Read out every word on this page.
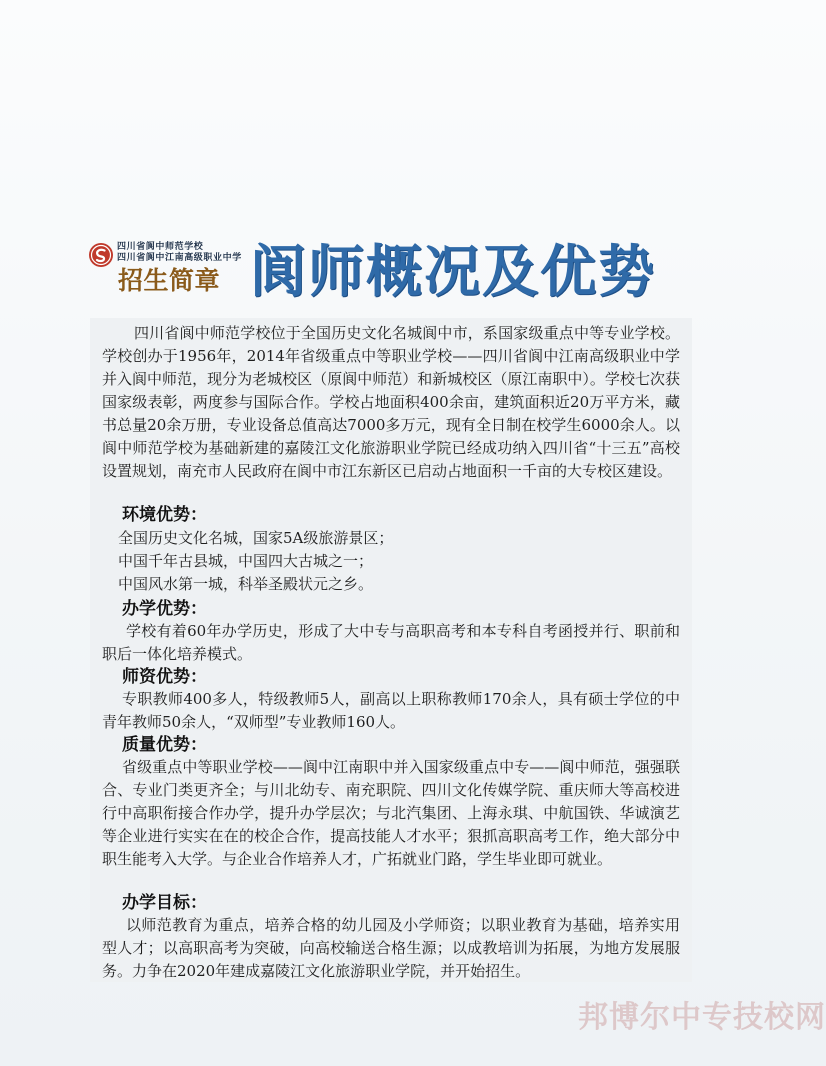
四川省阆中师范学校
四川省阆中江南高级职业中学
招生简章 阆师概况及优势

四川省阆中师范学校位于全国历史文化名城阆中市，系国家级重点中等专业学校。学校创办于1956年，2014年省级重点中等职业学校——四川省阆中江南高级职业中学并入阆中师范，现分为老城校区（原阆中师范）和新城校区（原江南职中）。学校七次获国家级表彰，两度参与国际合作。学校占地面积400余亩，建筑面积近20万平方米，藏书总量20余万册，专业设备总值高达7000多万元，现有全日制在校学生6000余人。以阆中师范学校为基础新建的嘉陵江文化旅游职业学院已经成功纳入四川省“十三五”高校设置规划，南充市人民政府在阆中市江东新区已启动占地面积一千亩的大专校区建设。

环境优势：
全国历史文化名城，国家5A级旅游景区；
中国千年古县城，中国四大古城之一；
中国风水第一城，科举圣殿状元之乡。
办学优势：

学校有着60年办学历史，形成了大中专与高职高考和本专科自考函授并行、职前和职后一体化培养模式。

师资优势：

专职教师400多人，特级教师5人，副高以上职称教师170余人，具有硕士学位的中青年教师50余人，“双师型”专业教师160人。

质量优势：

省级重点中等职业学校——阆中江南职中并入国家级重点中专——阆中师范，强强联合、专业门类更齐全；与川北幼专、南充职院、四川文化传媒学院、重庆师大等高校进行中高职衔接合作办学，提升办学层次；与北汽集团、上海永琪、中航国铁、华诚演艺等企业进行实实在在的校企合作，提高技能人才水平；狠抓高职高考工作，绝大部分中职生能考入大学。与企业合作培养人才，广拓就业门路，学生毕业即可就业。

办学目标：

以师范教育为重点，培养合格的幼儿园及小学师资；以职业教育为基础，培养实用型人才；以高职高考为突破，向高校输送合格生源；以成教培训为拓展，为地方发展服务。力争在2020年建成嘉陵江文化旅游职业学院，并开始招生。

邦博尔中专技校网
